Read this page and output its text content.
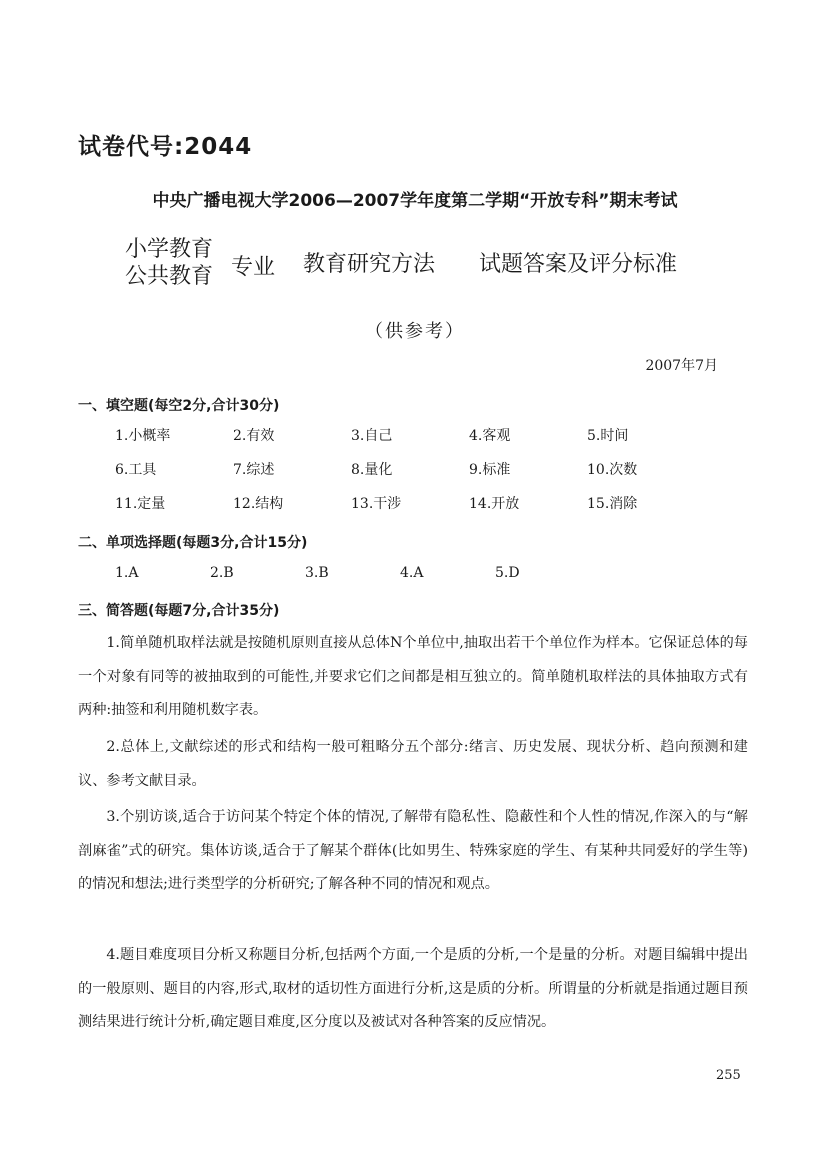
试卷代号:2044
中央广播电视大学2006—2007学年度第二学期“开放专科”期末考试
小学教育
公共教育 专业 教育研究方法 试题答案及评分标准
（供参考）
2007年7月
一、填空题(每空2分,合计30分)
1.小概率	2.有效	3.自己	4.客观	5.时间
6.工具	7.综述	8.量化	9.标准	10.次数
11.定量	12.结构	13.干涉	14.开放	15.消除
二、单项选择题(每题3分,合计15分)
1.A	2.B	3.B	4.A	5.D
三、简答题(每题7分,合计35分)

1.简单随机取样法就是按随机原则直接从总体N个单位中,抽取出若干个单位作为样本。它保证总体的每一个对象有同等的被抽取到的可能性,并要求它们之间都是相互独立的。简单随机取样法的具体抽取方式有两种:抽签和利用随机数字表。

2.总体上,文献综述的形式和结构一般可粗略分五个部分:绪言、历史发展、现状分析、趋向预测和建议、参考文献目录。

3.个别访谈,适合于访问某个特定个体的情况,了解带有隐私性、隐蔽性和个人性的情况,作深入的与“解剖麻雀”式的研究。集体访谈,适合于了解某个群体(比如男生、特殊家庭的学生、有某种共同爱好的学生等)的情况和想法;进行类型学的分析研究;了解各种不同的情况和观点。

4.题目难度项目分析又称题目分析,包括两个方面,一个是质的分析,一个是量的分析。对题目编辑中提出的一般原则、题目的内容,形式,取材的适切性方面进行分析,这是质的分析。所谓量的分析就是指通过题目预测结果进行统计分析,确定题目难度,区分度以及被试对各种答案的反应情况。

255
